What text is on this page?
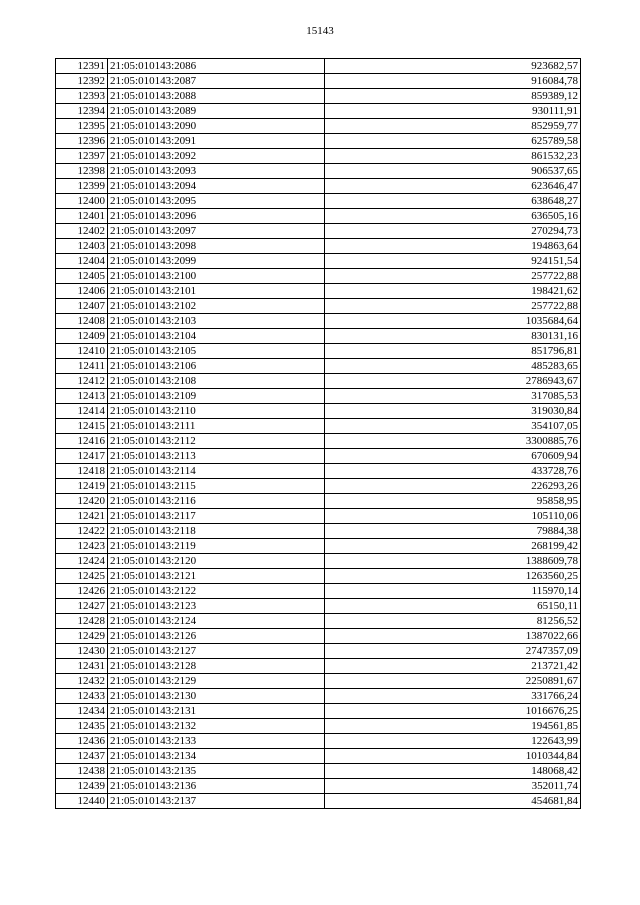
15143
12391	21:05:010143:2086	923682,57
12392	21:05:010143:2087	916084,78
12393	21:05:010143:2088	859389,12
12394	21:05:010143:2089	930111,91
12395	21:05:010143:2090	852959,77
12396	21:05:010143:2091	625789,58
12397	21:05:010143:2092	861532,23
12398	21:05:010143:2093	906537,65
12399	21:05:010143:2094	623646,47
12400	21:05:010143:2095	638648,27
12401	21:05:010143:2096	636505,16
12402	21:05:010143:2097	270294,73
12403	21:05:010143:2098	194863,64
12404	21:05:010143:2099	924151,54
12405	21:05:010143:2100	257722,88
12406	21:05:010143:2101	198421,62
12407	21:05:010143:2102	257722,88
12408	21:05:010143:2103	1035684,64
12409	21:05:010143:2104	830131,16
12410	21:05:010143:2105	851796,81
12411	21:05:010143:2106	485283,65
12412	21:05:010143:2108	2786943,67
12413	21:05:010143:2109	317085,53
12414	21:05:010143:2110	319030,84
12415	21:05:010143:2111	354107,05
12416	21:05:010143:2112	3300885,76
12417	21:05:010143:2113	670609,94
12418	21:05:010143:2114	433728,76
12419	21:05:010143:2115	226293,26
12420	21:05:010143:2116	95858,95
12421	21:05:010143:2117	105110,06
12422	21:05:010143:2118	79884,38
12423	21:05:010143:2119	268199,42
12424	21:05:010143:2120	1388609,78
12425	21:05:010143:2121	1263560,25
12426	21:05:010143:2122	115970,14
12427	21:05:010143:2123	65150,11
12428	21:05:010143:2124	81256,52
12429	21:05:010143:2126	1387022,66
12430	21:05:010143:2127	2747357,09
12431	21:05:010143:2128	213721,42
12432	21:05:010143:2129	2250891,67
12433	21:05:010143:2130	331766,24
12434	21:05:010143:2131	1016676,25
12435	21:05:010143:2132	194561,85
12436	21:05:010143:2133	122643,99
12437	21:05:010143:2134	1010344,84
12438	21:05:010143:2135	148068,42
12439	21:05:010143:2136	352011,74
12440	21:05:010143:2137	454681,84
